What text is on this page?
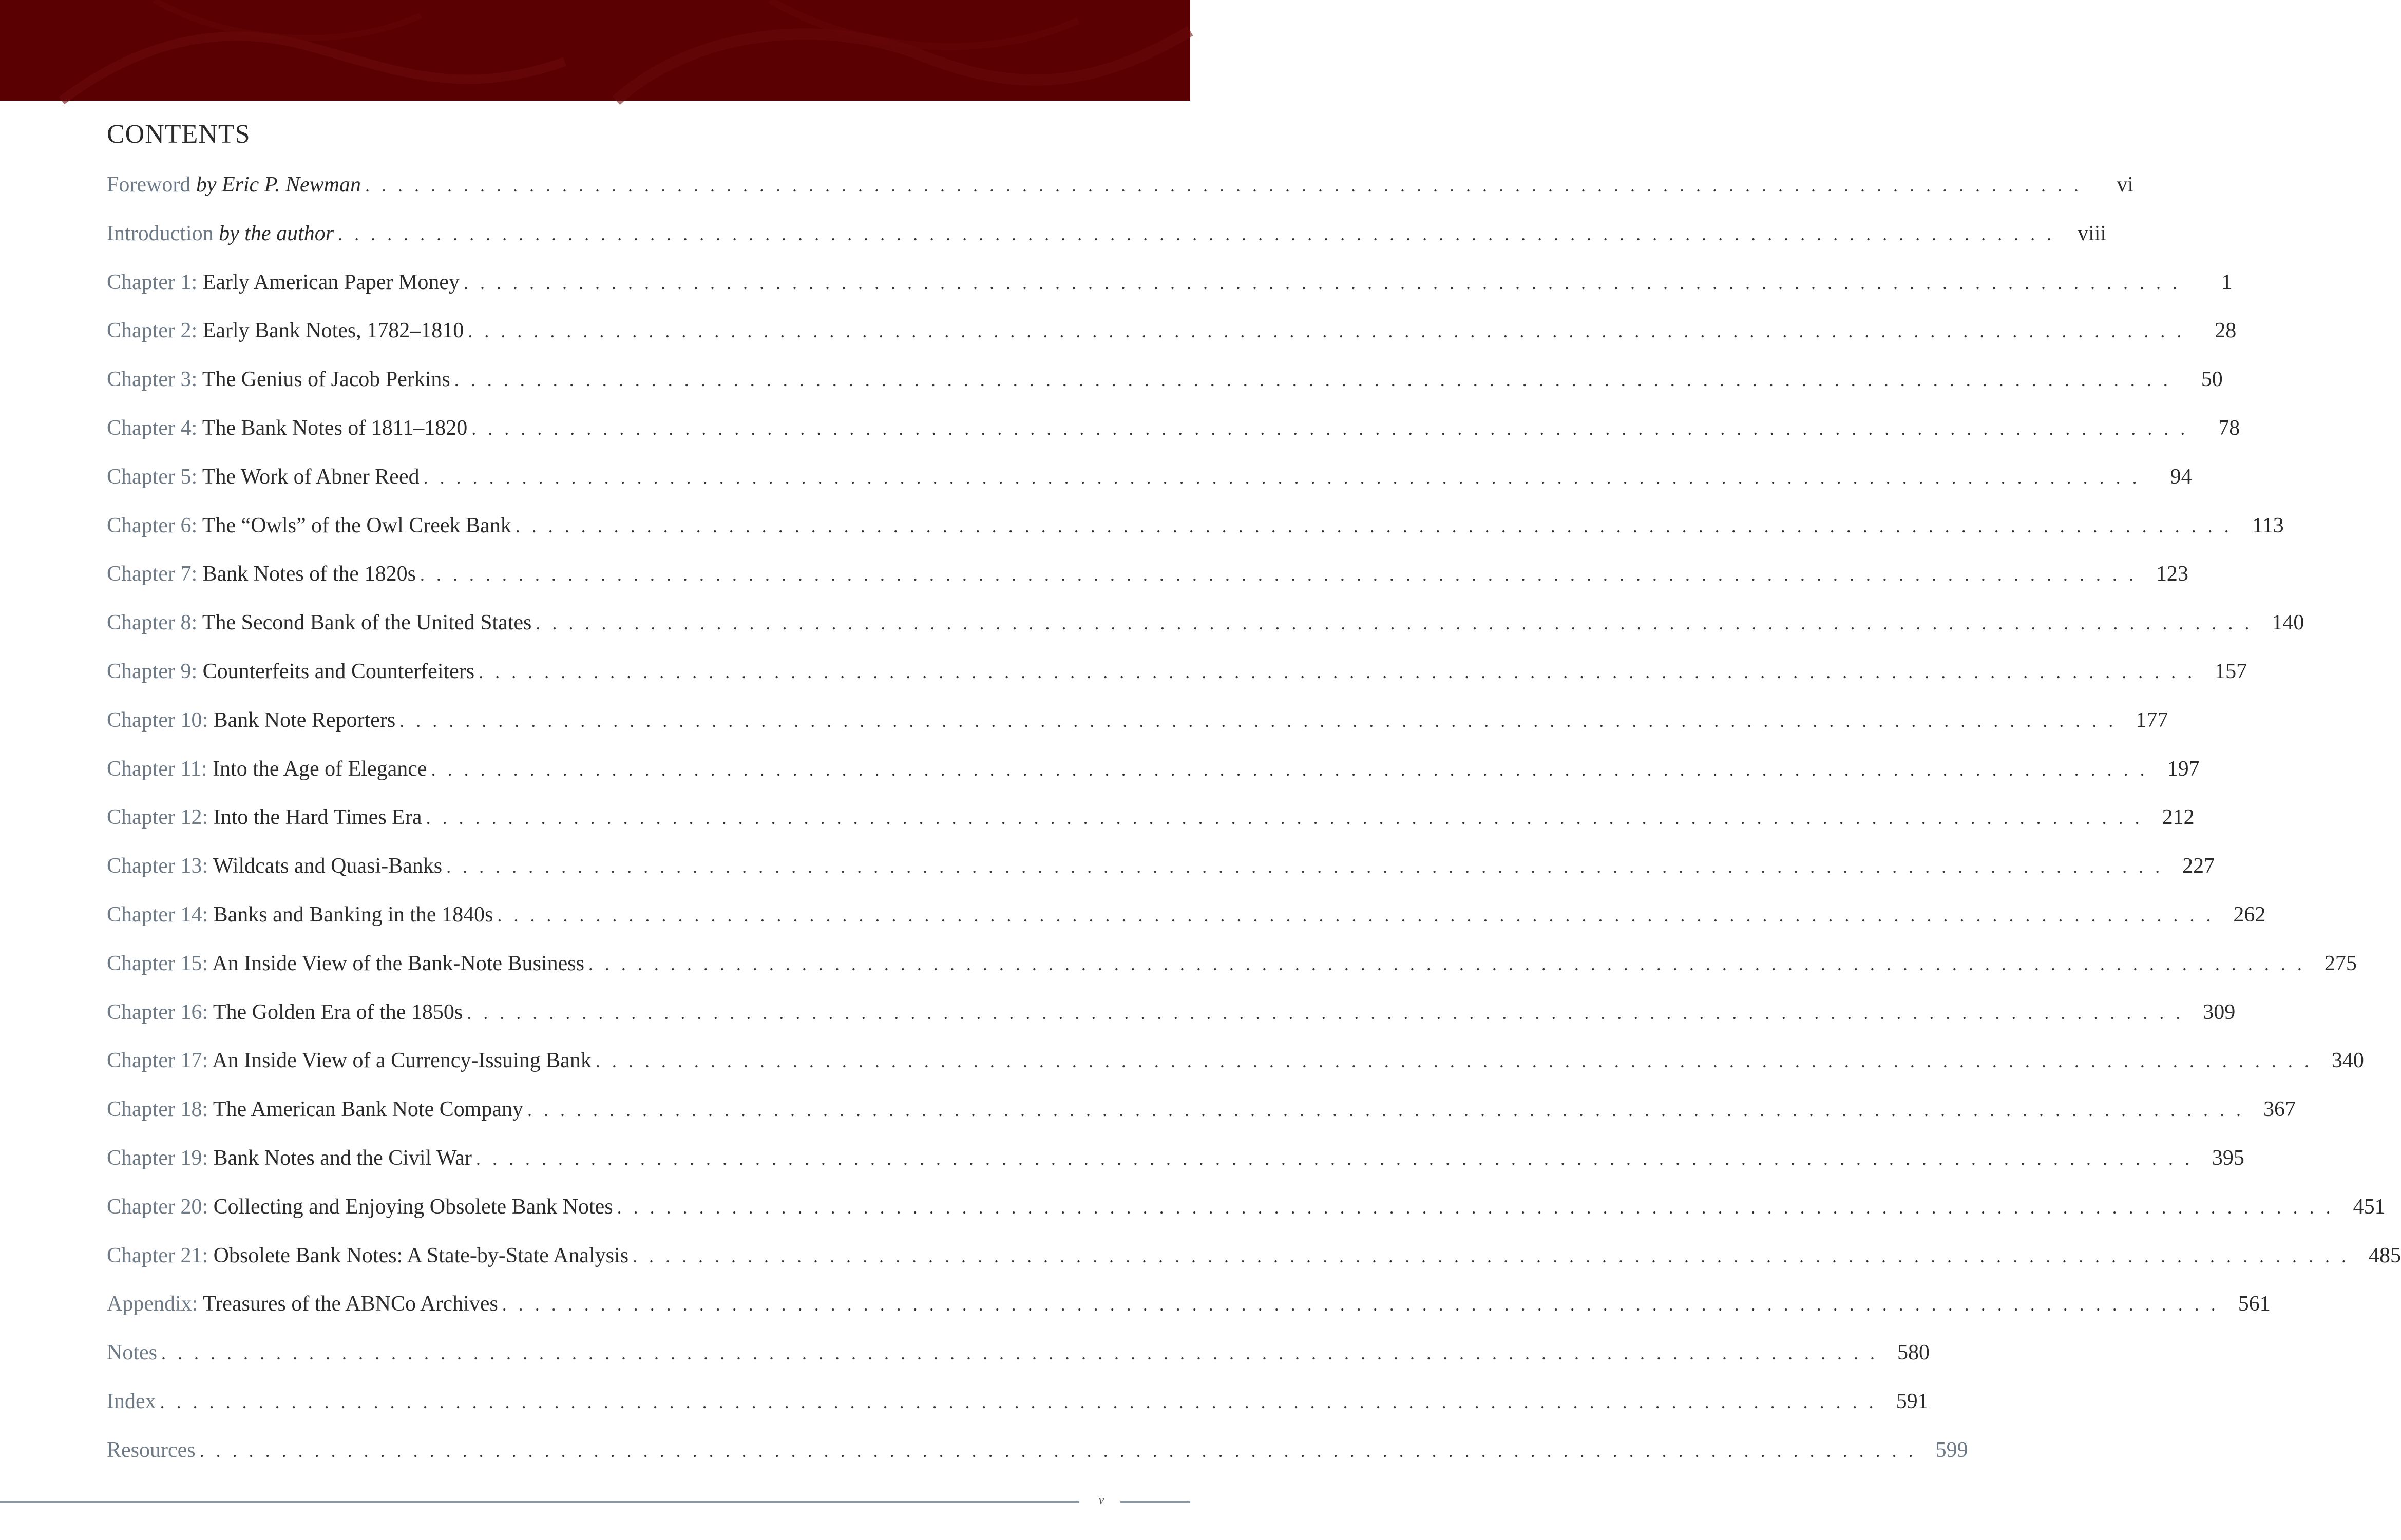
CONTENTS
Foreword by Eric P. Newman . . . . . . . . . . . . . . . . . . . . . . . . . . . . . . . . . . . . . . . . . . . . . . . . . . . . . . . . . . . . . . . . . . . . . . . . . . . . . . . . . . . . . . . . . . . . . . . . . . . . . . . . .	vi
Introduction by the author . . . . . . . . . . . . . . . . . . . . . . . . . . . . . . . . . . . . . . . . . . . . . . . . . . . . . . . . . . . . . . . . . . . . . . . . . . . . . . . . . . . . . . . . . . . . . . . . . . . . . . . . .	viii
Chapter 1: Early American Paper Money . . . . . . . . . . . . . . . . . . . . . . . . . . . . . . . . . . . . . . . . . . . . . . . . . . . . . . . . . . . . . . . . . . . . . . . . . . . . . . . . . . . . . . . . . . . . . . . . . . . . . . . . .	1
Chapter 2: Early Bank Notes, 1782–1810 . . . . . . . . . . . . . . . . . . . . . . . . . . . . . . . . . . . . . . . . . . . . . . . . . . . . . . . . . . . . . . . . . . . . . . . . . . . . . . . . . . . . . . . . . . . . . . . . . . . . . . . . .	28
Chapter 3: The Genius of Jacob Perkins . . . . . . . . . . . . . . . . . . . . . . . . . . . . . . . . . . . . . . . . . . . . . . . . . . . . . . . . . . . . . . . . . . . . . . . . . . . . . . . . . . . . . . . . . . . . . . . . . . . . . . . . .	50
Chapter 4: The Bank Notes of 1811–1820 . . . . . . . . . . . . . . . . . . . . . . . . . . . . . . . . . . . . . . . . . . . . . . . . . . . . . . . . . . . . . . . . . . . . . . . . . . . . . . . . . . . . . . . . . . . . . . . . . . . . . . . . .	78
Chapter 5: The Work of Abner Reed . . . . . . . . . . . . . . . . . . . . . . . . . . . . . . . . . . . . . . . . . . . . . . . . . . . . . . . . . . . . . . . . . . . . . . . . . . . . . . . . . . . . . . . . . . . . . . . . . . . . . . . . .	94
Chapter 6: The “Owls” of the Owl Creek Bank . . . . . . . . . . . . . . . . . . . . . . . . . . . . . . . . . . . . . . . . . . . . . . . . . . . . . . . . . . . . . . . . . . . . . . . . . . . . . . . . . . . . . . . . . . . . . . . . . . . . . . . . . 113
Chapter 7: Bank Notes of the 1820s . . . . . . . . . . . . . . . . . . . . . . . . . . . . . . . . . . . . . . . . . . . . . . . . . . . . . . . . . . . . . . . . . . . . . . . . . . . . . . . . . . . . . . . . . . . . . . . . . . . . . . . . . 123
Chapter 8: The Second Bank of the United States . . . . . . . . . . . . . . . . . . . . . . . . . . . . . . . . . . . . . . . . . . . . . . . . . . . . . . . . . . . . . . . . . . . . . . . . . . . . . . . . . . . . . . . . . . . . . . . . . . . . . . . . . 140
Chapter 9: Counterfeits and Counterfeiters . . . . . . . . . . . . . . . . . . . . . . . . . . . . . . . . . . . . . . . . . . . . . . . . . . . . . . . . . . . . . . . . . . . . . . . . . . . . . . . . . . . . . . . . . . . . . . . . . . . . . . . . . 157
Chapter 10: Bank Note Reporters . . . . . . . . . . . . . . . . . . . . . . . . . . . . . . . . . . . . . . . . . . . . . . . . . . . . . . . . . . . . . . . . . . . . . . . . . . . . . . . . . . . . . . . . . . . . . . . . . . . . . . . . . 177
Chapter 11: Into the Age of Elegance . . . . . . . . . . . . . . . . . . . . . . . . . . . . . . . . . . . . . . . . . . . . . . . . . . . . . . . . . . . . . . . . . . . . . . . . . . . . . . . . . . . . . . . . . . . . . . . . . . . . . . . . . 197
Chapter 12: Into the Hard Times Era . . . . . . . . . . . . . . . . . . . . . . . . . . . . . . . . . . . . . . . . . . . . . . . . . . . . . . . . . . . . . . . . . . . . . . . . . . . . . . . . . . . . . . . . . . . . . . . . . . . . . . . . . 212
Chapter 13: Wildcats and Quasi-Banks . . . . . . . . . . . . . . . . . . . . . . . . . . . . . . . . . . . . . . . . . . . . . . . . . . . . . . . . . . . . . . . . . . . . . . . . . . . . . . . . . . . . . . . . . . . . . . . . . . . . . . . . . 227
Chapter 14: Banks and Banking in the 1840s . . . . . . . . . . . . . . . . . . . . . . . . . . . . . . . . . . . . . . . . . . . . . . . . . . . . . . . . . . . . . . . . . . . . . . . . . . . . . . . . . . . . . . . . . . . . . . . . . . . . . . . . . 262
Chapter 15: An Inside View of the Bank-Note Business . . . . . . . . . . . . . . . . . . . . . . . . . . . . . . . . . . . . . . . . . . . . . . . . . . . . . . . . . . . . . . . . . . . . . . . . . . . . . . . . . . . . . . . . . . . . . . . . . . . . . . . . . 275
Chapter 16: The Golden Era of the 1850s . . . . . . . . . . . . . . . . . . . . . . . . . . . . . . . . . . . . . . . . . . . . . . . . . . . . . . . . . . . . . . . . . . . . . . . . . . . . . . . . . . . . . . . . . . . . . . . . . . . . . . . . . 309
Chapter 17: An Inside View of a Currency-Issuing Bank . . . . . . . . . . . . . . . . . . . . . . . . . . . . . . . . . . . . . . . . . . . . . . . . . . . . . . . . . . . . . . . . . . . . . . . . . . . . . . . . . . . . . . . . . . . . . . . . . . . . . . . . . 340
Chapter 18: The American Bank Note Company . . . . . . . . . . . . . . . . . . . . . . . . . . . . . . . . . . . . . . . . . . . . . . . . . . . . . . . . . . . . . . . . . . . . . . . . . . . . . . . . . . . . . . . . . . . . . . . . . . . . . . . . . 367
Chapter 19: Bank Notes and the Civil War . . . . . . . . . . . . . . . . . . . . . . . . . . . . . . . . . . . . . . . . . . . . . . . . . . . . . . . . . . . . . . . . . . . . . . . . . . . . . . . . . . . . . . . . . . . . . . . . . . . . . . . . . 395
Chapter 20: Collecting and Enjoying Obsolete Bank Notes . . . . . . . . . . . . . . . . . . . . . . . . . . . . . . . . . . . . . . . . . . . . . . . . . . . . . . . . . . . . . . . . . . . . . . . . . . . . . . . . . . . . . . . . . . . . . . . . . . . . . . . . . 451
Chapter 21: Obsolete Bank Notes: A State-by-State Analysis . . . . . . . . . . . . . . . . . . . . . . . . . . . . . . . . . . . . . . . . . . . . . . . . . . . . . . . . . . . . . . . . . . . . . . . . . . . . . . . . . . . . . . . . . . . . . . . . . . . . . . . . . 485
Appendix: Treasures of the ABNCo Archives . . . . . . . . . . . . . . . . . . . . . . . . . . . . . . . . . . . . . . . . . . . . . . . . . . . . . . . . . . . . . . . . . . . . . . . . . . . . . . . . . . . . . . . . . . . . . . . . . . . . . . . . . 561
Notes . . . . . . . . . . . . . . . . . . . . . . . . . . . . . . . . . . . . . . . . . . . . . . . . . . . . . . . . . . . . . . . . . . . . . . . . . . . . . . . . . . . . . . . . . . . . . . . . . . . . . . . . . 580
Index . . . . . . . . . . . . . . . . . . . . . . . . . . . . . . . . . . . . . . . . . . . . . . . . . . . . . . . . . . . . . . . . . . . . . . . . . . . . . . . . . . . . . . . . . . . . . . . . . . . . . . . . . 591
Resources . . . . . . . . . . . . . . . . . . . . . . . . . . . . . . . . . . . . . . . . . . . . . . . . . . . . . . . . . . . . . . . . . . . . . . . . . . . . . . . . . . . . . . . . . . . . . . . . . . . . . . . . . 599
v
